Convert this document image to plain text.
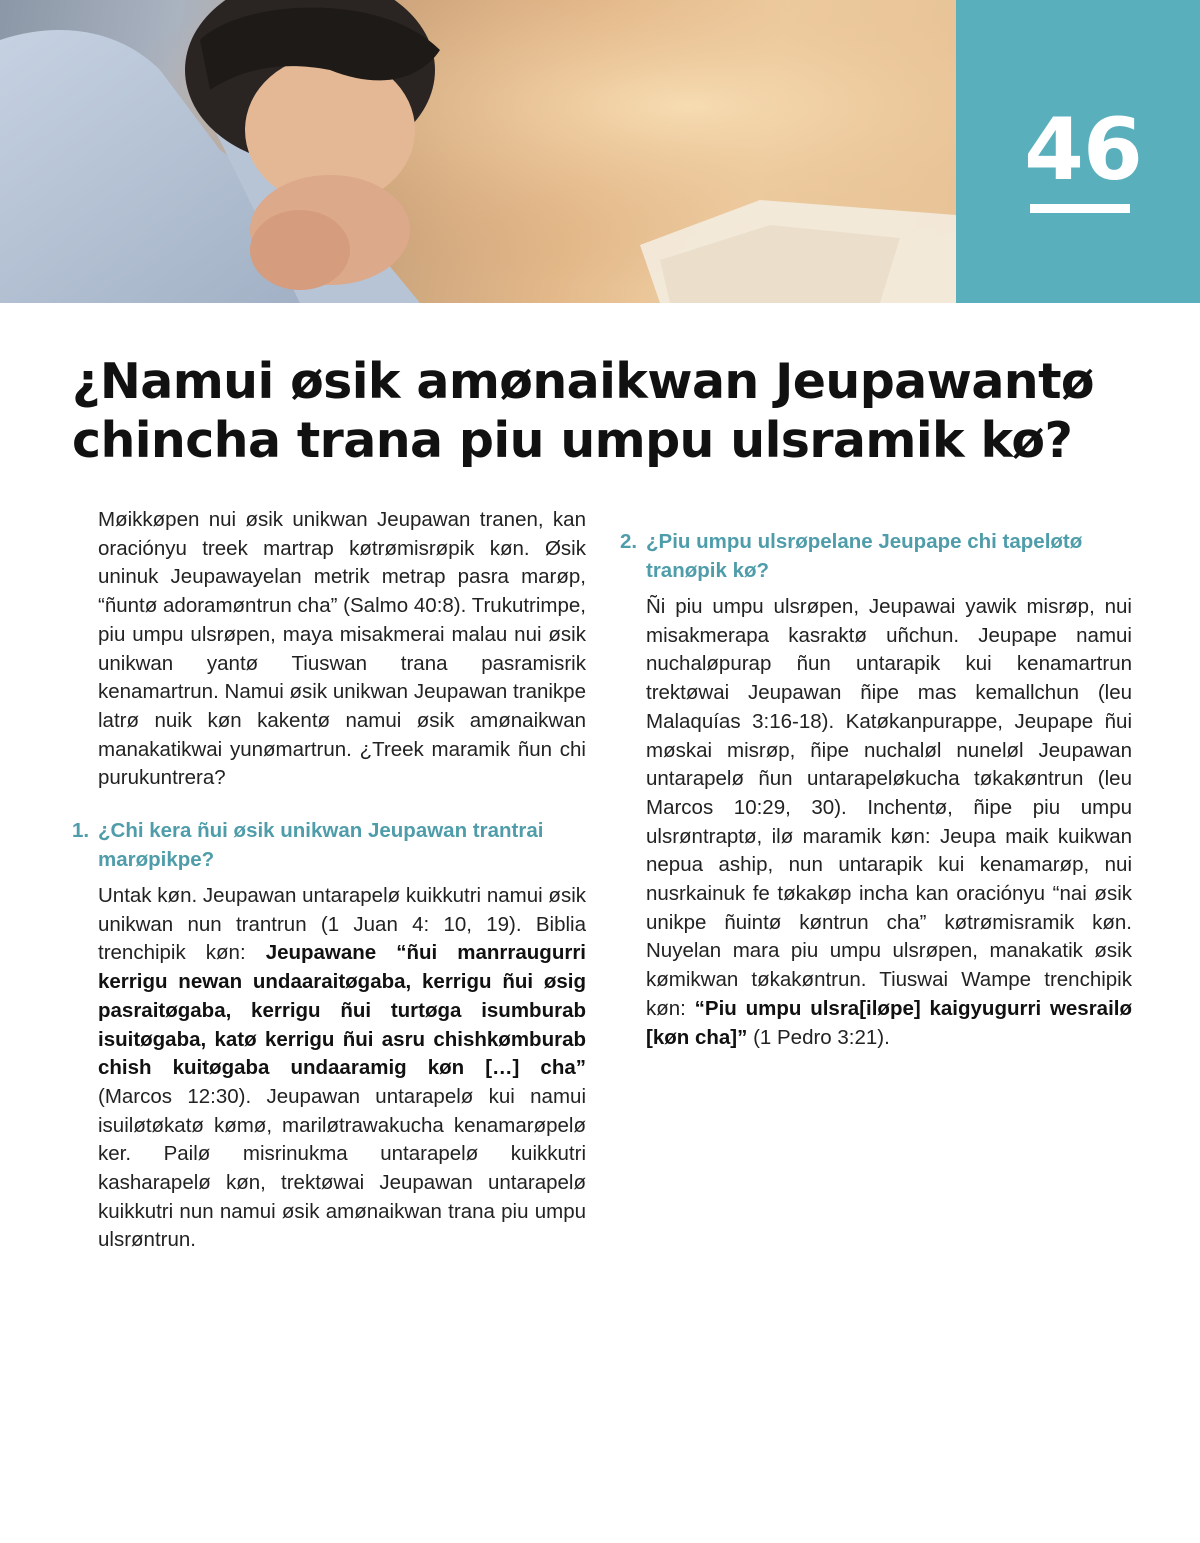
46
¿Namui øsik amønaikwan Jeupawantø chincha trana piu umpu ulsramik kø?

Møikkøpen nui øsik unikwan Jeupawan tranen, kan oraciónyu treek martrap køtrømisrøpik køn. Øsik uninuk Jeupawayelan metrik metrap pasra marøp, “ñuntø adoramøntrun cha” (Salmo 40:8). Trukutrimpe, piu umpu ulsrøpen, maya misakmerai malau nui øsik unikwan yantø Tiuswan trana pasramisrik kenamartrun. Namui øsik unikwan Jeupawan tranikpe latrø nuik køn kakentø namui øsik amønaikwan manakatikwai yunømartrun. ¿Treek maramik ñun chi purukuntrera?

1. ¿Chi kera ñui øsik unikwan Jeupawan trantrai marøpikpe?

Untak køn. Jeupawan untarapelø kuikkutri namui øsik unikwan nun trantrun (1 Juan 4: 10, 19). Biblia trenchipik køn: Jeupawane “ñui manrraugurri kerrigu newan undaaraitøgaba, kerrigu ñui øsig pasraitøgaba, kerrigu ñui turtøga isumburab isuitøgaba, katø kerrigu ñui asru chishkømburab chish kuitøgaba undaaramig køn […] cha” (Marcos 12:30). Jeupawan untarapelø kui namui isuiløtøkatø kømø, mariløtrawakucha kenamarøpelø ker. Pailø misrinukma untarapelø kuikkutri kasharapelø køn, trektøwai Jeupawan untarapelø kuikkutri nun namui øsik amønaikwan trana piu umpu ulsrøntrun.

2. ¿Piu umpu ulsrøpelane Jeupape chi tapeløtø tranøpik kø?

Ñi piu umpu ulsrøpen, Jeupawai yawik misrøp, nui misakmerapa kasraktø uñchun. Jeupape namui nuchaløpurap ñun untarapik kui kenamartrun trektøwai Jeupawan ñipe mas kemallchun (leu Malaquías 3:16-18). Katøkanpurappe, Jeupape ñui møskai misrøp, ñipe nuchaløl nuneløl Jeupawan untarapelø ñun untarapeløkucha tøkakøntrun (leu Marcos 10:29, 30). Inchentø, ñipe piu umpu ulsrøntraptø, ilø maramik køn: Jeupa maik kuikwan nepua aship, nun untarapik kui kenamarøp, nui nusrkainuk fe tøkakøp incha kan oraciónyu “nai øsik unikpe ñuintø køntrun cha” køtrømisramik køn. Nuyelan mara piu umpu ulsrøpen, manakatik øsik kømikwan tøkakøntrun. Tiuswai Wampe trenchipik køn: “Piu umpu ulsra[iløpe] kaigyugurri wesrailø [køn cha]” (1 Pedro 3:21).
